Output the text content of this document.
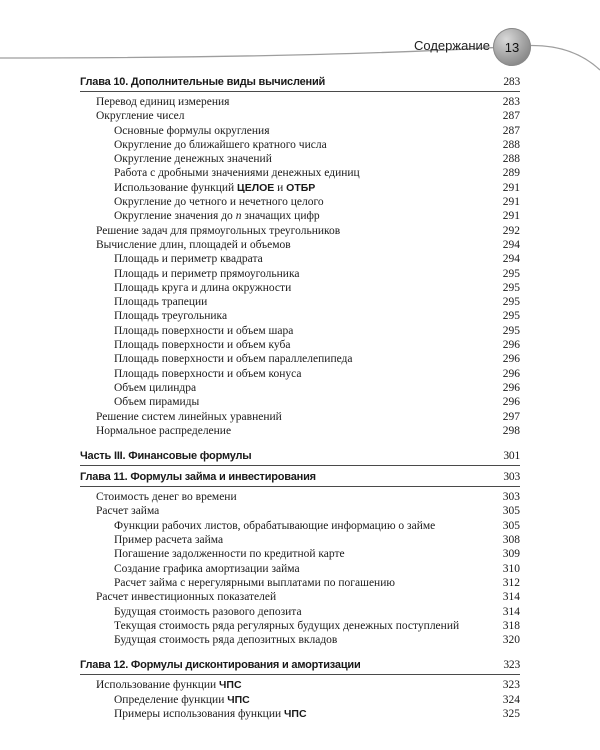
Содержание	13
Глава 10. Дополнительные виды вычислений	283
Перевод единиц измерения	283
Округление чисел	287
Основные формулы округления	287
Округление до ближайшего кратного числа	288
Округление денежных значений	288
Работа с дробными значениями денежных единиц	289
Использование функций ЦЕЛОЕ и ОТБР	291
Округление до четного и нечетного целого	291
Округление значения до n значащих цифр	291
Решение задач для прямоугольных треугольников	292
Вычисление длин, площадей и объемов	294
Площадь и периметр квадрата	294
Площадь и периметр прямоугольника	295
Площадь круга и длина окружности	295
Площадь трапеции	295
Площадь треугольника	295
Площадь поверхности и объем шара	295
Площадь поверхности и объем куба	296
Площадь поверхности и объем параллелепипеда	296
Площадь поверхности и объем конуса	296
Объем цилиндра	296
Объем пирамиды	296
Решение систем линейных уравнений	297
Нормальное распределение	298
Часть III. Финансовые формулы	301
Глава 11. Формулы займа и инвестирования	303
Стоимость денег во времени	303
Расчет займа	305
Функции рабочих листов, обрабатывающие информацию о займе	305
Пример расчета займа	308
Погашение задолженности по кредитной карте	309
Создание графика амортизации займа	310
Расчет займа с нерегулярными выплатами по погашению	312
Расчет инвестиционных показателей	314
Будущая стоимость разового депозита	314
Текущая стоимость ряда регулярных будущих денежных поступлений	318
Будущая стоимость ряда депозитных вкладов	320
Глава 12. Формулы дисконтирования и амортизации	323
Использование функции ЧПС	323
Определение функции ЧПС	324
Примеры использования функции ЧПС	325
